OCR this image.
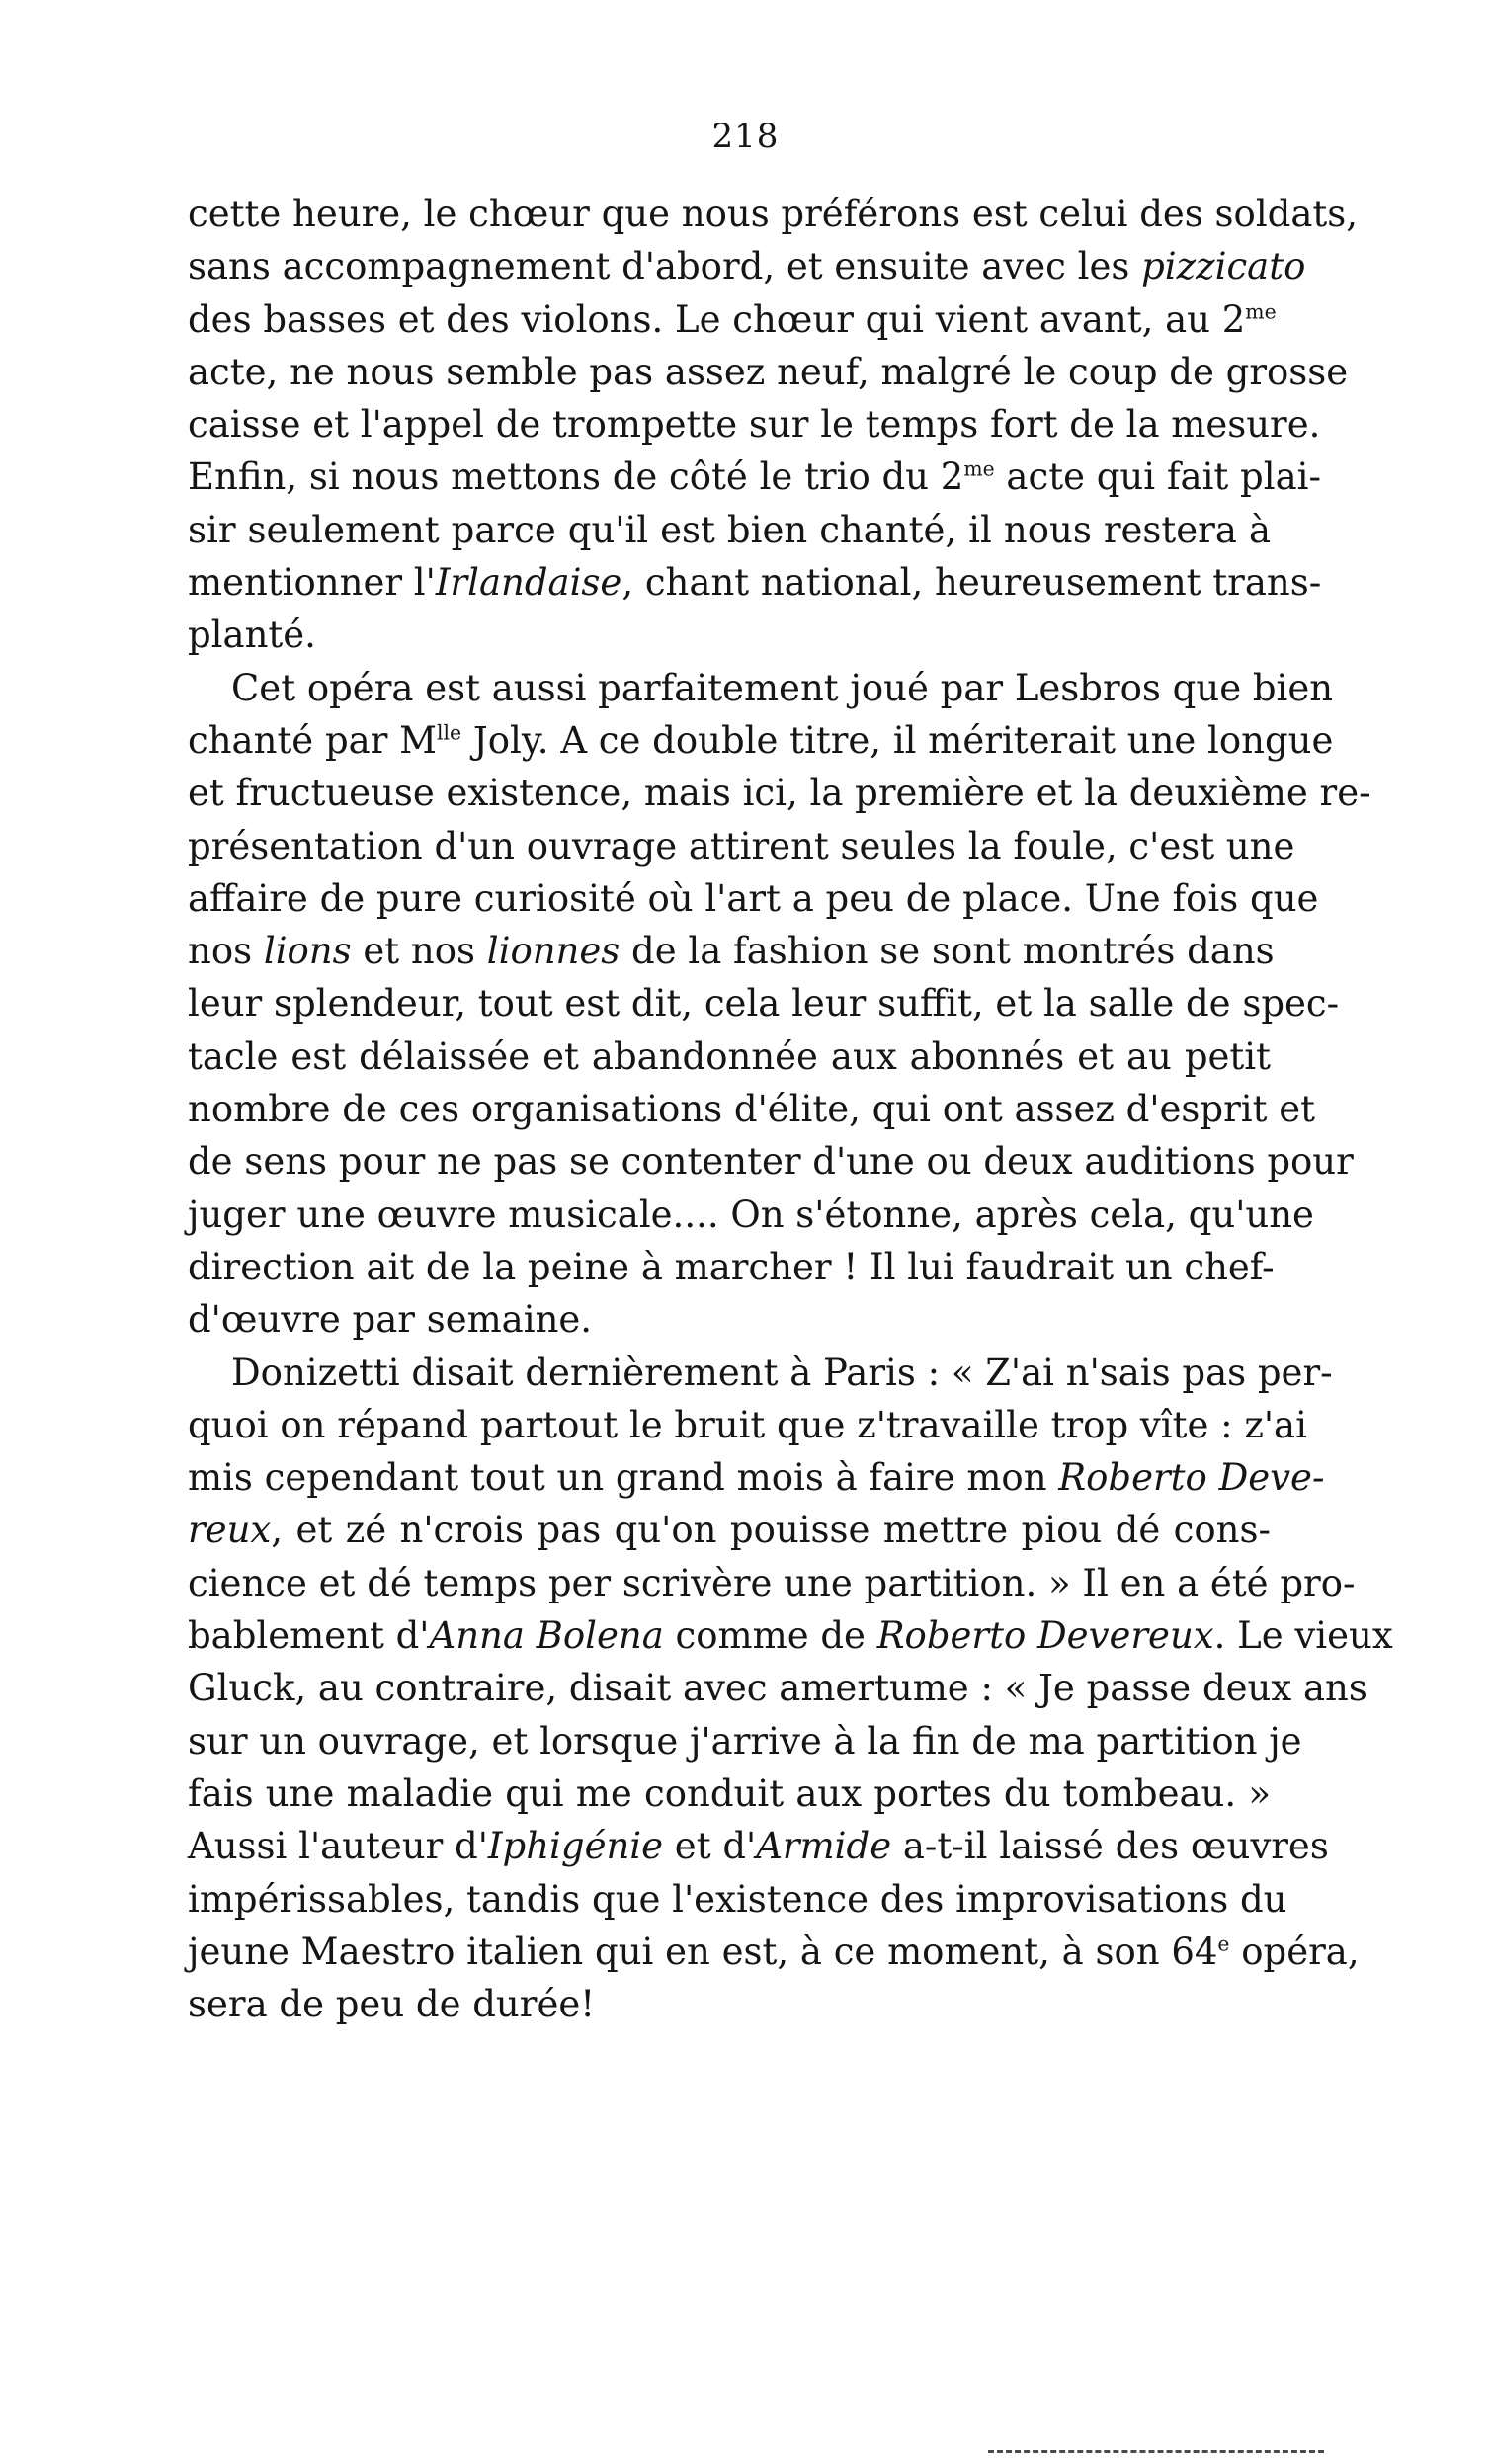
218
cette heure, le chœur que nous préférons est celui des soldats,
sans accompagnement d'abord, et ensuite avec les pizzicato
des basses et des violons. Le chœur qui vient avant, au $2^{me}$
acte, ne nous semble pas assez neuf, malgré le coup de grosse
caisse et l'appel de trompette sur le temps fort de la mesure.
Enfin, si nous mettons de côté le trio du $2^{me}$ acte qui fait plai-
sir seulement parce qu'il est bien chanté, il nous restera à
mentionner l'Irlandaise, chant national, heureusement trans-
planté.
Cet opéra est aussi parfaitement joué par Lesbros que bien
chanté par $M^{lle}$ Joly. A ce double titre, il mériterait une longue
et fructueuse existence, mais ici, la première et la deuxième re-
présentation d'un ouvrage attirent seules la foule, c'est une
affaire de pure curiosité où l'art a peu de place. Une fois que
nos lions et nos lionnes de la fashion se sont montrés dans
leur splendeur, tout est dit, cela leur suffit, et la salle de spec-
tacle est délaissée et abandonnée aux abonnés et au petit
nombre de ces organisations d'élite, qui ont assez d'esprit et
de sens pour ne pas se contenter d'une ou deux auditions pour
juger une œuvre musicale.... On s'étonne, après cela, qu'une
direction ait de la peine à marcher ! Il lui faudrait un chef-
d'œuvre par semaine.
Donizetti disait dernièrement à Paris : « Z'ai n'sais pas per-
quoi on répand partout le bruit que z'travaille trop vîte : z'ai
mis cependant tout un grand mois à faire mon Roberto Deve-
reux, et zé n'crois pas qu'on pouisse mettre piou dé cons-
cience et dé temps per scrivère une partition. » Il en a été pro-
bablement d'Anna Bolena comme de Roberto Devereux. Le vieux
Gluck, au contraire, disait avec amertume : « Je passe deux ans
sur un ouvrage, et lorsque j'arrive à la fin de ma partition je
fais une maladie qui me conduit aux portes du tombeau. »
Aussi l'auteur d'Iphigénie et d'Armide a-t-il laissé des œuvres
impérissables, tandis que l'existence des improvisations du
jeune Maestro italien qui en est, à ce moment, à son 64e opéra,
sera de peu de durée!
